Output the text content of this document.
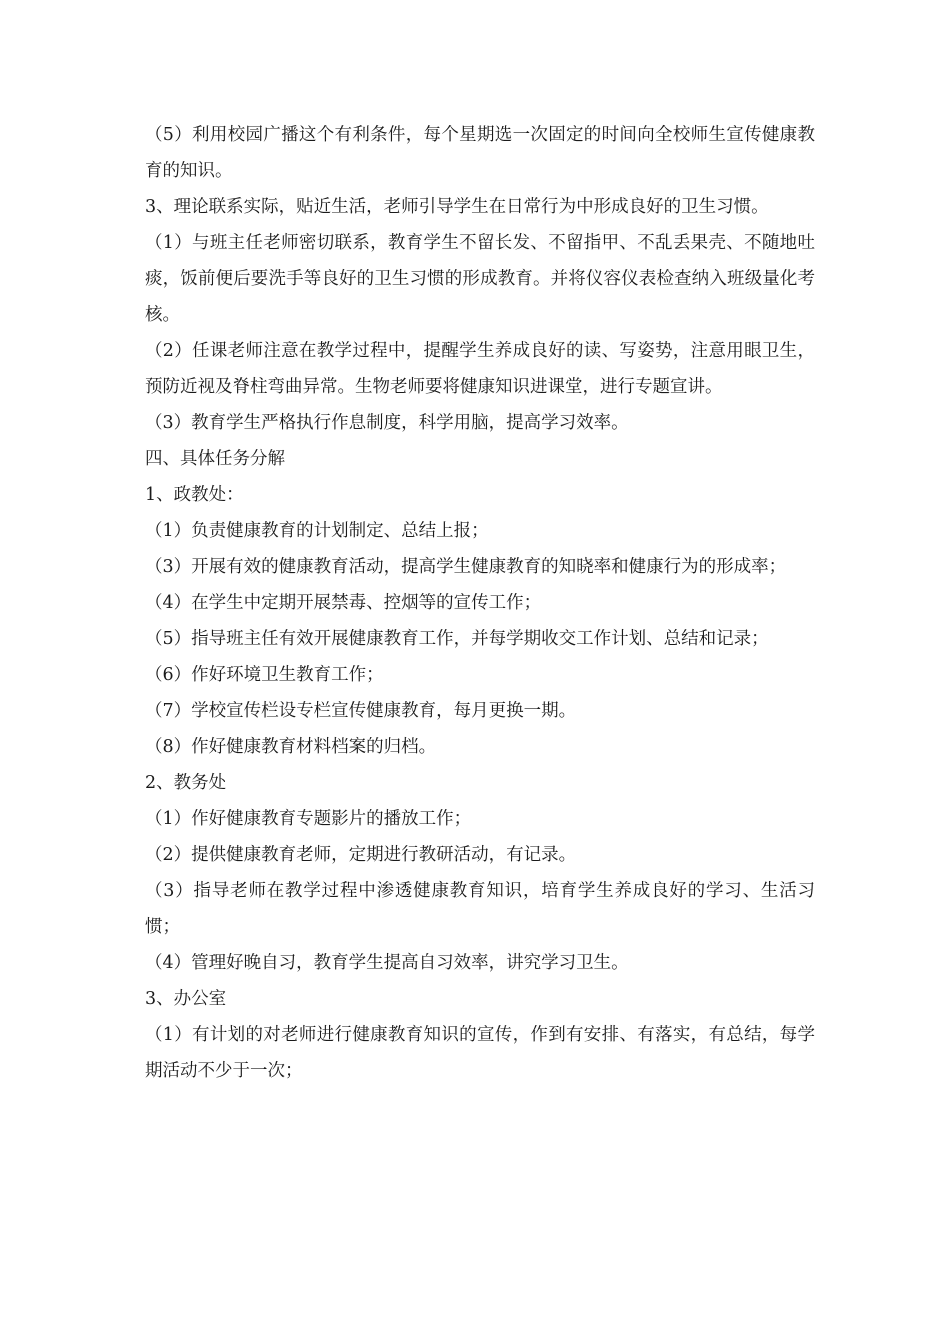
（5）利用校园广播这个有利条件，每个星期选一次固定的时间向全校师生宣传健康教育的知识。

3、理论联系实际，贴近生活，老师引导学生在日常行为中形成良好的卫生习惯。

（1）与班主任老师密切联系，教育学生不留长发、不留指甲、不乱丢果壳、不随地吐痰，饭前便后要洗手等良好的卫生习惯的形成教育。并将仪容仪表检查纳入班级量化考核。

（2）任课老师注意在教学过程中，提醒学生养成良好的读、写姿势，注意用眼卫生，预防近视及脊柱弯曲异常。生物老师要将健康知识进课堂，进行专题宣讲。

（3）教育学生严格执行作息制度，科学用脑，提高学习效率。

四、具体任务分解

1、政教处：

（1）负责健康教育的计划制定、总结上报；

（3）开展有效的健康教育活动，提高学生健康教育的知晓率和健康行为的形成率；

（4）在学生中定期开展禁毒、控烟等的宣传工作；

（5）指导班主任有效开展健康教育工作，并每学期收交工作计划、总结和记录；

（6）作好环境卫生教育工作；

（7）学校宣传栏设专栏宣传健康教育，每月更换一期。

（8）作好健康教育材料档案的归档。

2、教务处

（1）作好健康教育专题影片的播放工作；

（2）提供健康教育老师，定期进行教研活动，有记录。

（3）指导老师在教学过程中渗透健康教育知识，培育学生养成良好的学习、生活习惯；

（4）管理好晚自习，教育学生提高自习效率，讲究学习卫生。

3、办公室

（1）有计划的对老师进行健康教育知识的宣传，作到有安排、有落实，有总结，每学期活动不少于一次；
